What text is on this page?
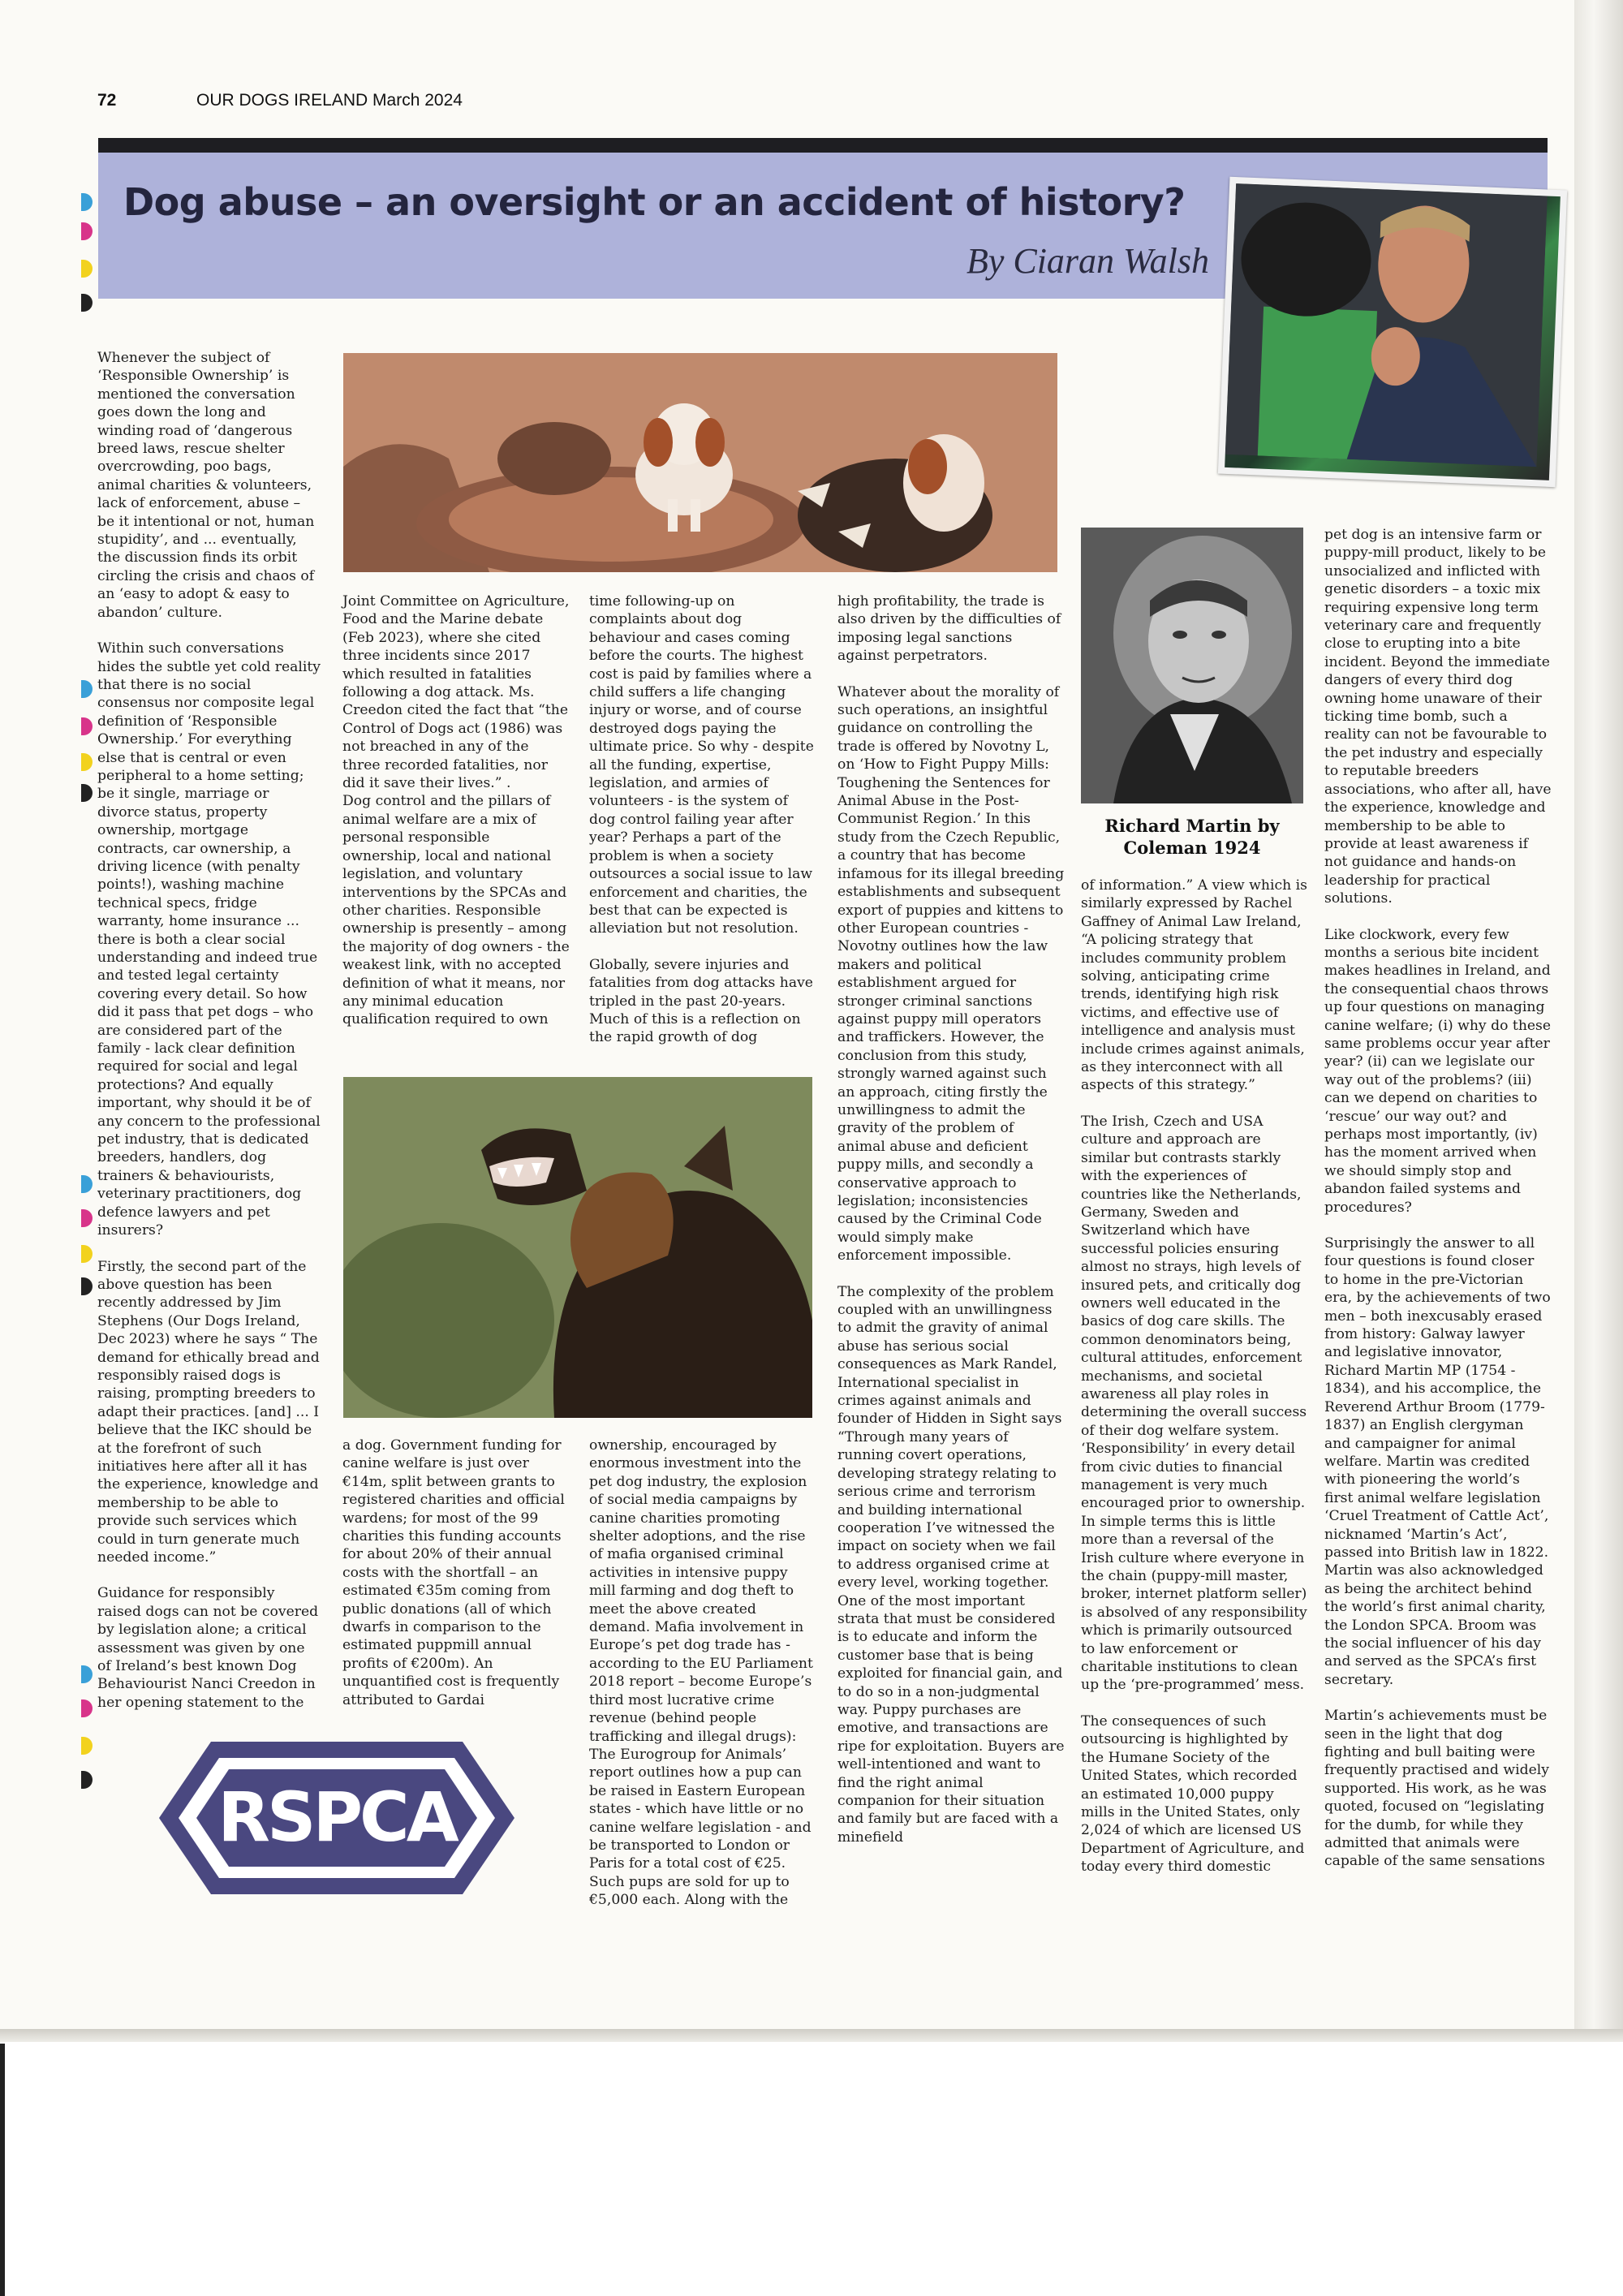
72	OUR DOGS IRELAND March 2024
Dog abuse – an oversight or an accident of history?
By Ciaran Walsh

Whenever the subject of ‘Responsible Ownership’ is mentioned the conversation goes down the long and winding road of ‘dangerous breed laws, rescue shelter overcrowding, poo bags, animal charities & volunteers, lack of enforcement, abuse – be it intentional or not, human stupidity’, and ... eventually, the discussion finds its orbit circling the crisis and chaos of an ‘easy to adopt & easy to abandon’ culture.

Within such conversations hides the subtle yet cold reality that there is no social consensus nor composite legal definition of ‘Responsible Ownership.’ For everything else that is central or even peripheral to a home setting; be it single, marriage or divorce status, property ownership, mortgage contracts, car ownership, a driving licence (with penalty points!), washing machine technical specs, fridge warranty, home insurance ... there is both a clear social understanding and indeed true and tested legal certainty covering every detail. So how did it pass that pet dogs – who are considered part of the family - lack clear definition required for social and legal protections? And equally important, why should it be of any concern to the professional pet industry, that is dedicated breeders, handlers, dog trainers & behaviourists, veterinary practitioners, dog defence lawyers and pet insurers?

Firstly, the second part of the above question has been recently addressed by Jim Stephens (Our Dogs Ireland, Dec 2023) where he says “ The demand for ethically bread and responsibly raised dogs is raising, prompting breeders to adapt their practices. [and] ... I believe that the IKC should be at the forefront of such initiatives here after all it has the experience, knowledge and membership to be able to provide such services which could in turn generate much needed income.”

Guidance for responsibly raised dogs can not be covered by legislation alone; a critical assessment was given by one of Ireland’s best known Dog Behaviourist Nanci Creedon in her opening statement to the

Joint Committee on Agriculture, Food and the Marine debate (Feb 2023), where she cited three incidents since 2017 which resulted in fatalities following a dog attack. Ms. Creedon cited the fact that “the Control of Dogs act (1986) was not breached in any of the three recorded fatalities, nor did it save their lives.” .

Dog control and the pillars of animal welfare are a mix of personal responsible ownership, local and national legislation, and voluntary interventions by the SPCAs and other charities. Responsible ownership is presently – among the majority of dog owners - the weakest link, with no accepted definition of what it means, nor any minimal education qualification required to own

time following-up on complaints about dog behaviour and cases coming before the courts. The highest cost is paid by families where a child suffers a life changing injury or worse, and of course destroyed dogs paying the ultimate price. So why - despite all the funding, expertise, legislation, and armies of volunteers - is the system of dog control failing year after year? Perhaps a part of the problem is when a society outsources a social issue to law enforcement and charities, the best that can be expected is alleviation but not resolution.

Globally, severe injuries and fatalities from dog attacks have tripled in the past 20-years. Much of this is a reflection on the rapid growth of dog

a dog. Government funding for canine welfare is just over €14m, split between grants to registered charities and official wardens; for most of the 99 charities this funding accounts for about 20% of their annual costs with the shortfall – an estimated €35m coming from public donations (all of which dwarfs in comparison to the estimated puppmill annual profits of €200m). An unquantified cost is frequently attributed to Gardai

ownership, encouraged by enormous investment into the pet dog industry, the explosion of social media campaigns by canine charities promoting shelter adoptions, and the rise of mafia organised criminal activities in intensive puppy mill farming and dog theft to meet the above created demand. Mafia involvement in Europe’s pet dog trade has - according to the EU Parliament 2018 report – become Europe’s third most lucrative crime revenue (behind people trafficking and illegal drugs): The Eurogroup for Animals’ report outlines how a pup can be raised in Eastern European states - which have little or no canine welfare legislation - and be transported to London or Paris for a total cost of €25. Such pups are sold for up to €5,000 each. Along with the

high profitability, the trade is also driven by the difficulties of imposing legal sanctions against perpetrators.

Whatever about the morality of such operations, an insightful guidance on controlling the trade is offered by Novotny L, on ‘How to Fight Puppy Mills: Toughening the Sentences for Animal Abuse in the Post-Communist Region.’ In this study from the Czech Republic, a country that has become infamous for its illegal breeding establishments and subsequent export of puppies and kittens to other European countries - Novotny outlines how the law makers and political establishment argued for stronger criminal sanctions against puppy mill operators and traffickers. However, the conclusion from this study, strongly warned against such an approach, citing firstly the unwillingness to admit the gravity of the problem of animal abuse and deficient puppy mills, and secondly a conservative approach to legislation; inconsistencies caused by the Criminal Code would simply make enforcement impossible.

The complexity of the problem coupled with an unwillingness to admit the gravity of animal abuse has serious social consequences as Mark Randel, International specialist in crimes against animals and founder of Hidden in Sight says “Through many years of running covert operations, developing strategy relating to serious crime and terrorism and building international cooperation I’ve witnessed the impact on society when we fail to address organised crime at every level, working together. One of the most important strata that must be considered is to educate and inform the customer base that is being exploited for financial gain, and to do so in a non-judgmental way. Puppy purchases are emotive, and transactions are ripe for exploitation. Buyers are well-intentioned and want to find the right animal companion for their situation and family but are faced with a minefield

Richard Martin by
Coleman 1924

of information.” A view which is similarly expressed by Rachel Gaffney of Animal Law Ireland, “A policing strategy that includes community problem solving, anticipating crime trends, identifying high risk victims, and effective use of intelligence and analysis must include crimes against animals, as they interconnect with all aspects of this strategy.”

The Irish, Czech and USA culture and approach are similar but contrasts starkly with the experiences of countries like the Netherlands, Germany, Sweden and Switzerland which have successful policies ensuring almost no strays, high levels of insured pets, and critically dog owners well educated in the basics of dog care skills. The common denominators being, cultural attitudes, enforcement mechanisms, and societal awareness all play roles in determining the overall success of their dog welfare system. ‘Responsibility’ in every detail from civic duties to financial management is very much encouraged prior to ownership. In simple terms this is little more than a reversal of the Irish culture where everyone in the chain (puppy-mill master, broker, internet platform seller) is absolved of any responsibility which is primarily outsourced to law enforcement or charitable institutions to clean up the ‘pre-programmed’ mess.

The consequences of such outsourcing is highlighted by the Humane Society of the United States, which recorded an estimated 10,000 puppy mills in the United States, only 2,024 of which are licensed US Department of Agriculture, and today every third domestic

pet dog is an intensive farm or puppy-mill product, likely to be unsocialized and inflicted with genetic disorders – a toxic mix requiring expensive long term veterinary care and frequently close to erupting into a bite incident. Beyond the immediate dangers of every third dog owning home unaware of their ticking time bomb, such a reality can not be favourable to the pet industry and especially to reputable breeders associations, who after all, have the experience, knowledge and membership to be able to provide at least awareness if not guidance and hands-on leadership for practical solutions.

Like clockwork, every few months a serious bite incident makes headlines in Ireland, and the consequential chaos throws up four questions on managing canine welfare; (i) why do these same problems occur year after year? (ii) can we legislate our way out of the problems? (iii) can we depend on charities to ‘rescue’ our way out? and perhaps most importantly, (iv) has the moment arrived when we should simply stop and abandon failed systems and procedures?

Surprisingly the answer to all four questions is found closer to home in the pre-Victorian era, by the achievements of two men – both inexcusably erased from history: Galway lawyer and legislative innovator, Richard Martin MP (1754 - 1834), and his accomplice, the Reverend Arthur Broom (1779-1837) an English clergyman and campaigner for animal welfare. Martin was credited with pioneering the world’s first animal welfare legislation ‘Cruel Treatment of Cattle Act’, nicknamed ‘Martin’s Act’, passed into British law in 1822. Martin was also acknowledged as being the architect behind the world’s first animal charity, the London SPCA. Broom was the social influencer of his day and served as the SPCA’s first secretary.

Martin’s achievements must be seen in the light that dog fighting and bull baiting were frequently practised and widely supported. His work, as he was quoted, focused on “legislating for the dumb, for while they admitted that animals were capable of the same sensations

RSPCA
